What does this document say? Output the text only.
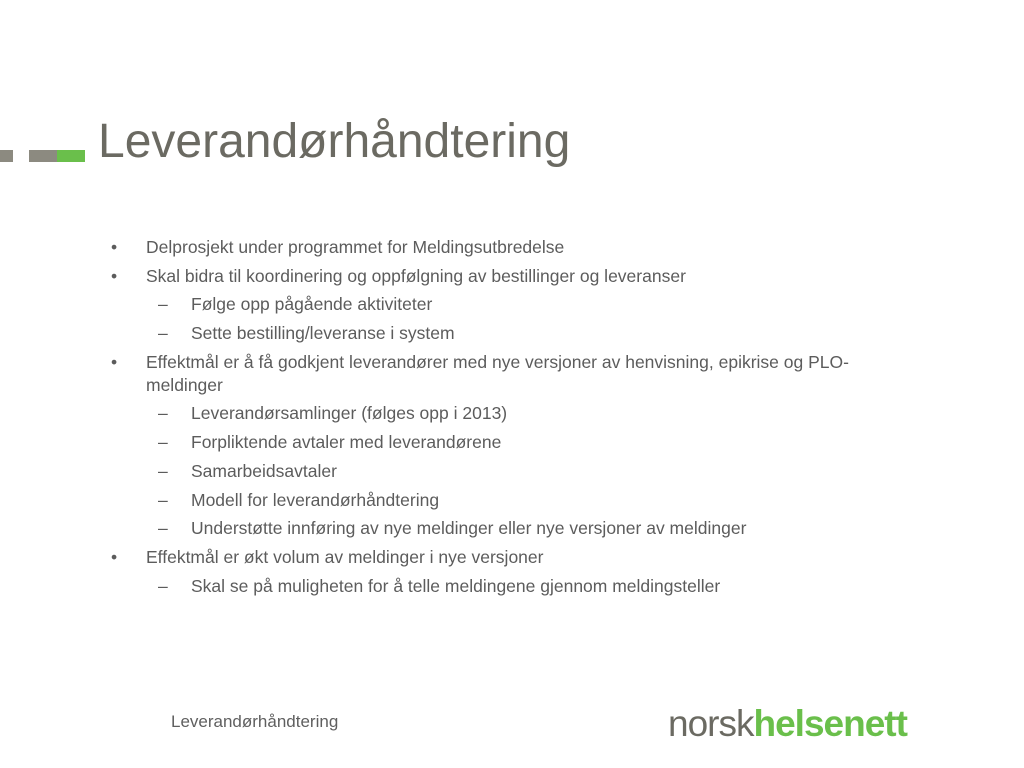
Leverandørhåndtering
• Delprosjekt under programmet for Meldingsutbredelse
• Skal bidra til koordinering og oppfølgning av bestillinger og leveranser
– Følge opp pågående aktiviteter
– Sette bestilling/leveranse i system
• Effektmål er å få godkjent leverandører med nye versjoner av henvisning, epikrise og PLO-meldinger
– Leverandørsamlinger (følges opp i 2013)
– Forpliktende avtaler med leverandørene
– Samarbeidsavtaler
– Modell for leverandørhåndtering
– Understøtte innføring av nye meldinger eller nye versjoner av meldinger
• Effektmål er økt volum av meldinger i nye versjoner
– Skal se på muligheten for å telle meldingene gjennom meldingsteller
Leverandørhåndtering	norskhelsenett
